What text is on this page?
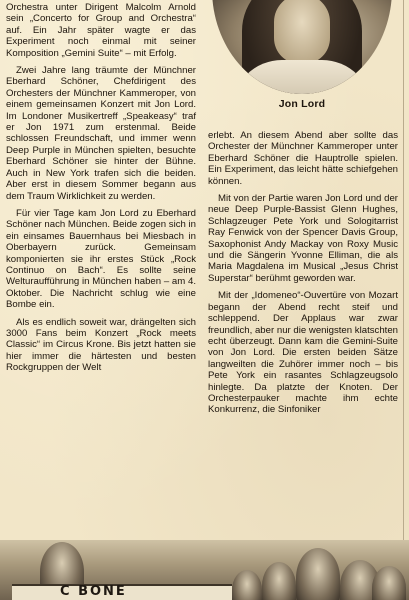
Orchestra unter Dirigent Malcolm Arnold sein „Concerto for Group and Orchestra“ auf. Ein Jahr später wagte er das Experiment noch einmal mit seiner Komposition „Gemini Suite“ – mit Erfolg.

Zwei Jahre lang träumte der Münchner Eberhard Schöner, Chefdirigent des Orchesters der Münchner Kammeroper, von einem gemeinsamen Konzert mit Jon Lord. Im Londoner Musikertreff „Speakeasy“ traf er Jon 1971 zum erstenmal. Beide schlossen Freundschaft, und immer wenn Deep Purple in München spielten, besuchte Eberhard Schöner sie hinter der Bühne. Auch in New York trafen sich die beiden. Aber erst in diesem Sommer begann aus dem Traum Wirklichkeit zu werden.

Für vier Tage kam Jon Lord zu Eberhard Schöner nach München. Beide zogen sich in ein einsames Bauernhaus bei Miesbach in Oberbayern zurück. Gemeinsam komponierten sie ihr erstes Stück „Rock Continuo on Bach“. Es sollte seine Welturaufführung in München haben – am 4. Oktober. Die Nachricht schlug wie eine Bombe ein.

Als es endlich soweit war, drängelten sich 3000 Fans beim Konzert „Rock meets Classic“ im Circus Krone. Bis jetzt hatten sie hier immer die härtesten und besten Rockgruppen der Welt

Jon Lord

erlebt. An diesem Abend aber sollte das Orchester der Münchner Kammeroper unter Eberhard Schöner die Hauptrolle spielen. Ein Experiment, das leicht hätte schiefgehen können.

Mit von der Partie waren Jon Lord und der neue Deep Purple-Bassist Glenn Hughes, Schlagzeuger Pete York und Sologitarrist Ray Fenwick von der Spencer Davis Group, Saxophonist Andy Mackay von Roxy Music und die Sängerin Yvonne Elliman, die als Maria Magdalena im Musical „Jesus Christ Superstar“ berühmt geworden war.

Mit der „Idomeneo“-Ouvertüre von Mozart begann der Abend recht steif und schleppend. Der Applaus war zwar freundlich, aber nur die wenigsten klatschten echt überzeugt. Dann kam die Gemini-Suite von Jon Lord. Die ersten beiden Sätze langweilten die Zuhörer immer noch – bis Pete York ein rasantes Schlagzeugsolo hinlegte. Da platzte der Knoten. Der Orchesterpauker machte ihm echte Konkurrenz, die Sinfoniker

C BONE
